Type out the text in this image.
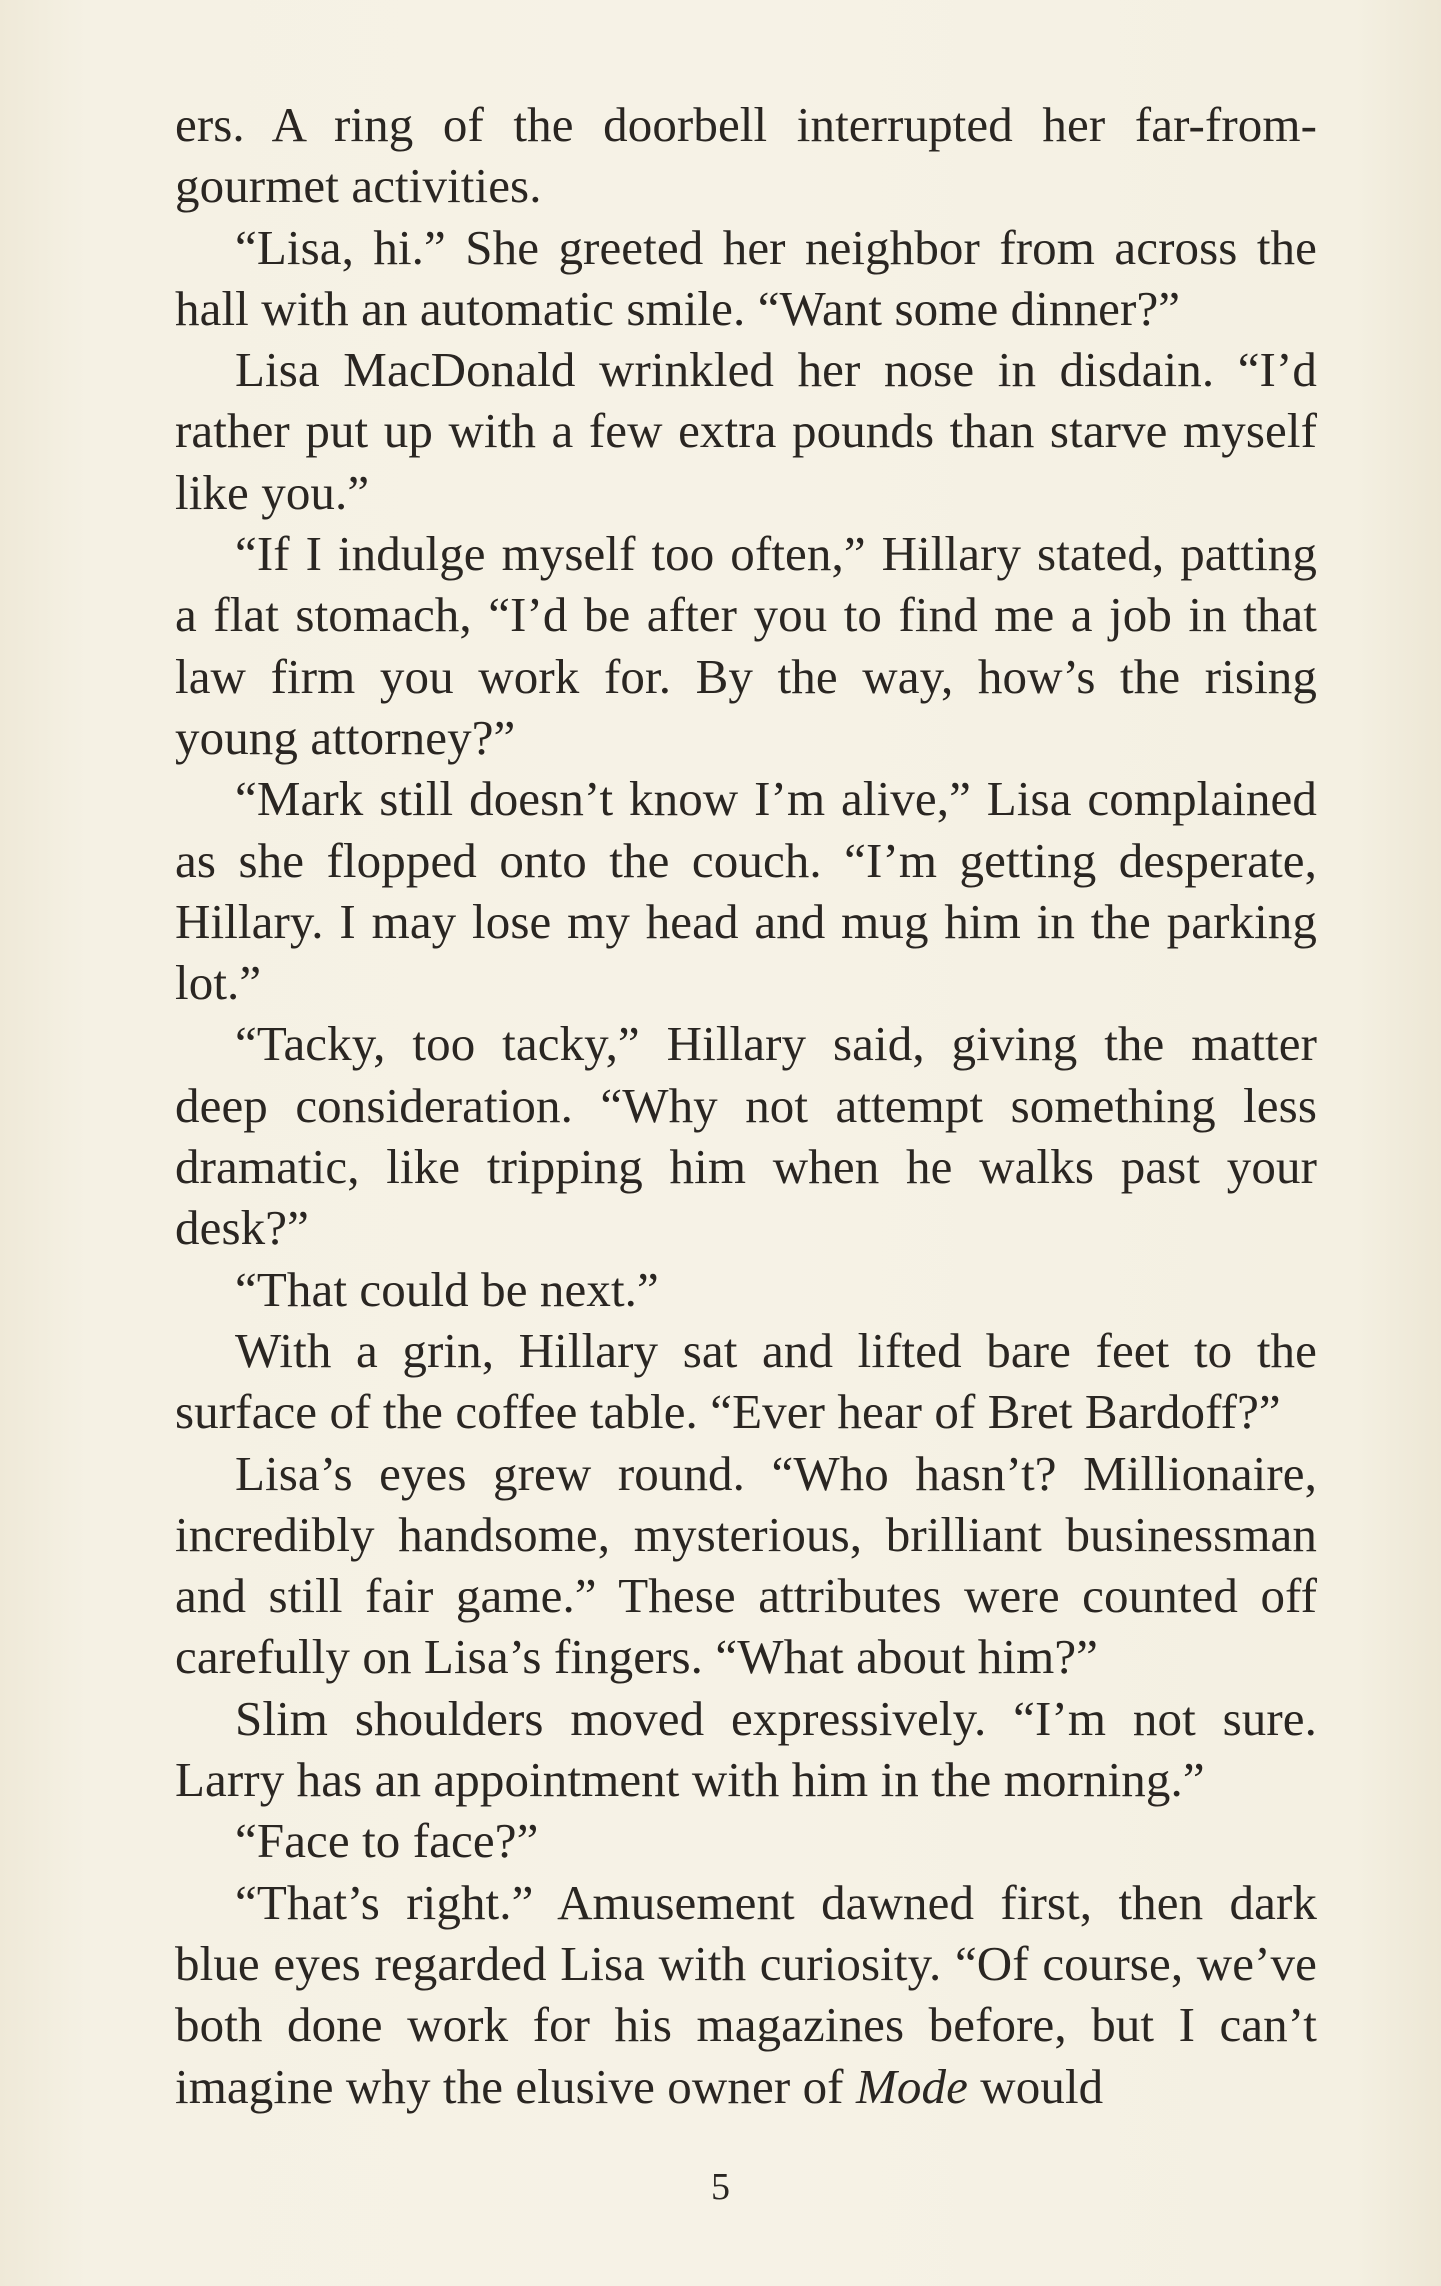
ers. A ring of the doorbell interrupted her far-from-gourmet activities.

“Lisa, hi.” She greeted her neighbor from across the hall with an automatic smile. “Want some dinner?”

Lisa MacDonald wrinkled her nose in disdain. “I’d rather put up with a few extra pounds than starve myself like you.”

“If I indulge myself too often,” Hillary stated, patting a flat stomach, “I’d be after you to find me a job in that law firm you work for. By the way, how’s the rising young attorney?”

“Mark still doesn’t know I’m alive,” Lisa complained as she flopped onto the couch. “I’m getting desperate, Hillary. I may lose my head and mug him in the parking lot.”

“Tacky, too tacky,” Hillary said, giving the matter deep consideration. “Why not attempt something less dramatic, like tripping him when he walks past your desk?”

“That could be next.”

With a grin, Hillary sat and lifted bare feet to the surface of the coffee table. “Ever hear of Bret Bardoff?”

Lisa’s eyes grew round. “Who hasn’t? Millionaire, incredibly handsome, mysterious, brilliant businessman and still fair game.” These attributes were counted off carefully on Lisa’s fingers. “What about him?”

Slim shoulders moved expressively. “I’m not sure. Larry has an appointment with him in the morning.”

“Face to face?”

“That’s right.” Amusement dawned first, then dark blue eyes regarded Lisa with curiosity. “Of course, we’ve both done work for his magazines before, but I can’t imagine why the elusive owner of Mode would

5
